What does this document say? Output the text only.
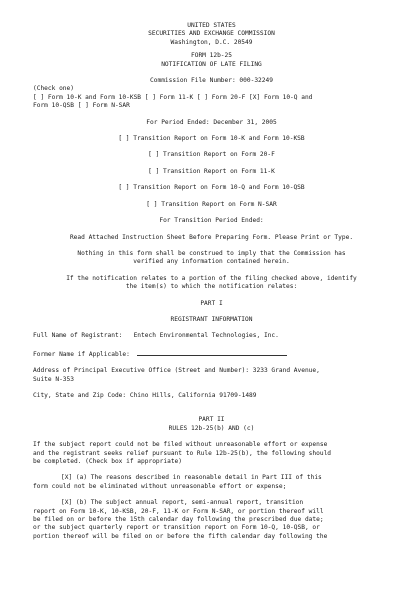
UNITED STATES
SECURITIES AND EXCHANGE COMMISSION
Washington, D.C. 20549
FORM 12b-25
NOTIFICATION OF LATE FILING
Commission File Number: 000-32249
(Check one)
[ ] Form 10-K and Form 10-KSB [ ] Form 11-K [ ] Form 20-F [X] Form 10-Q and
Form 10-QSB [ ] Form N-SAR
For Period Ended: December 31, 2005
[ ] Transition Report on Form 10-K and Form 10-KSB
[ ] Transition Report on Form 20-F
[ ] Transition Report on Form 11-K
[ ] Transition Report on Form 10-Q and Form 10-QSB
[ ] Transition Report on Form N-SAR
For Transition Period Ended:
Read Attached Instruction Sheet Before Preparing Form. Please Print or Type.
Nothing in this form shall be construed to imply that the Commission has
verified any information contained herein.
If the notification relates to a portion of the filing checked above, identify
the item(s) to which the notification relates:
PART I
REGISTRANT INFORMATION
Full Name of Registrant:   Entech Environmental Technologies, Inc.
Former Name if Applicable:
Address of Principal Executive Office (Street and Number): 3233 Grand Avenue,
Suite N-353
City, State and Zip Code: Chino Hills, California 91709-1489
PART II
RULES 12b-25(b) AND (c)
If the subject report could not be filed without unreasonable effort or expense
and the registrant seeks relief pursuant to Rule 12b-25(b), the following should
be completed. (Check box if appropriate)
[X] (a) The reasons described in reasonable detail in Part III of this
form could not be eliminated without unreasonable effort or expense;
[X] (b) The subject annual report, semi-annual report, transition
report on Form 10-K, 10-KSB, 20-F, 11-K or Form N-SAR, or portion thereof will
be filed on or before the 15th calendar day following the prescribed due date;
or the subject quarterly report or transition report on Form 10-Q, 10-QSB, or
portion thereof will be filed on or before the fifth calendar day following the
